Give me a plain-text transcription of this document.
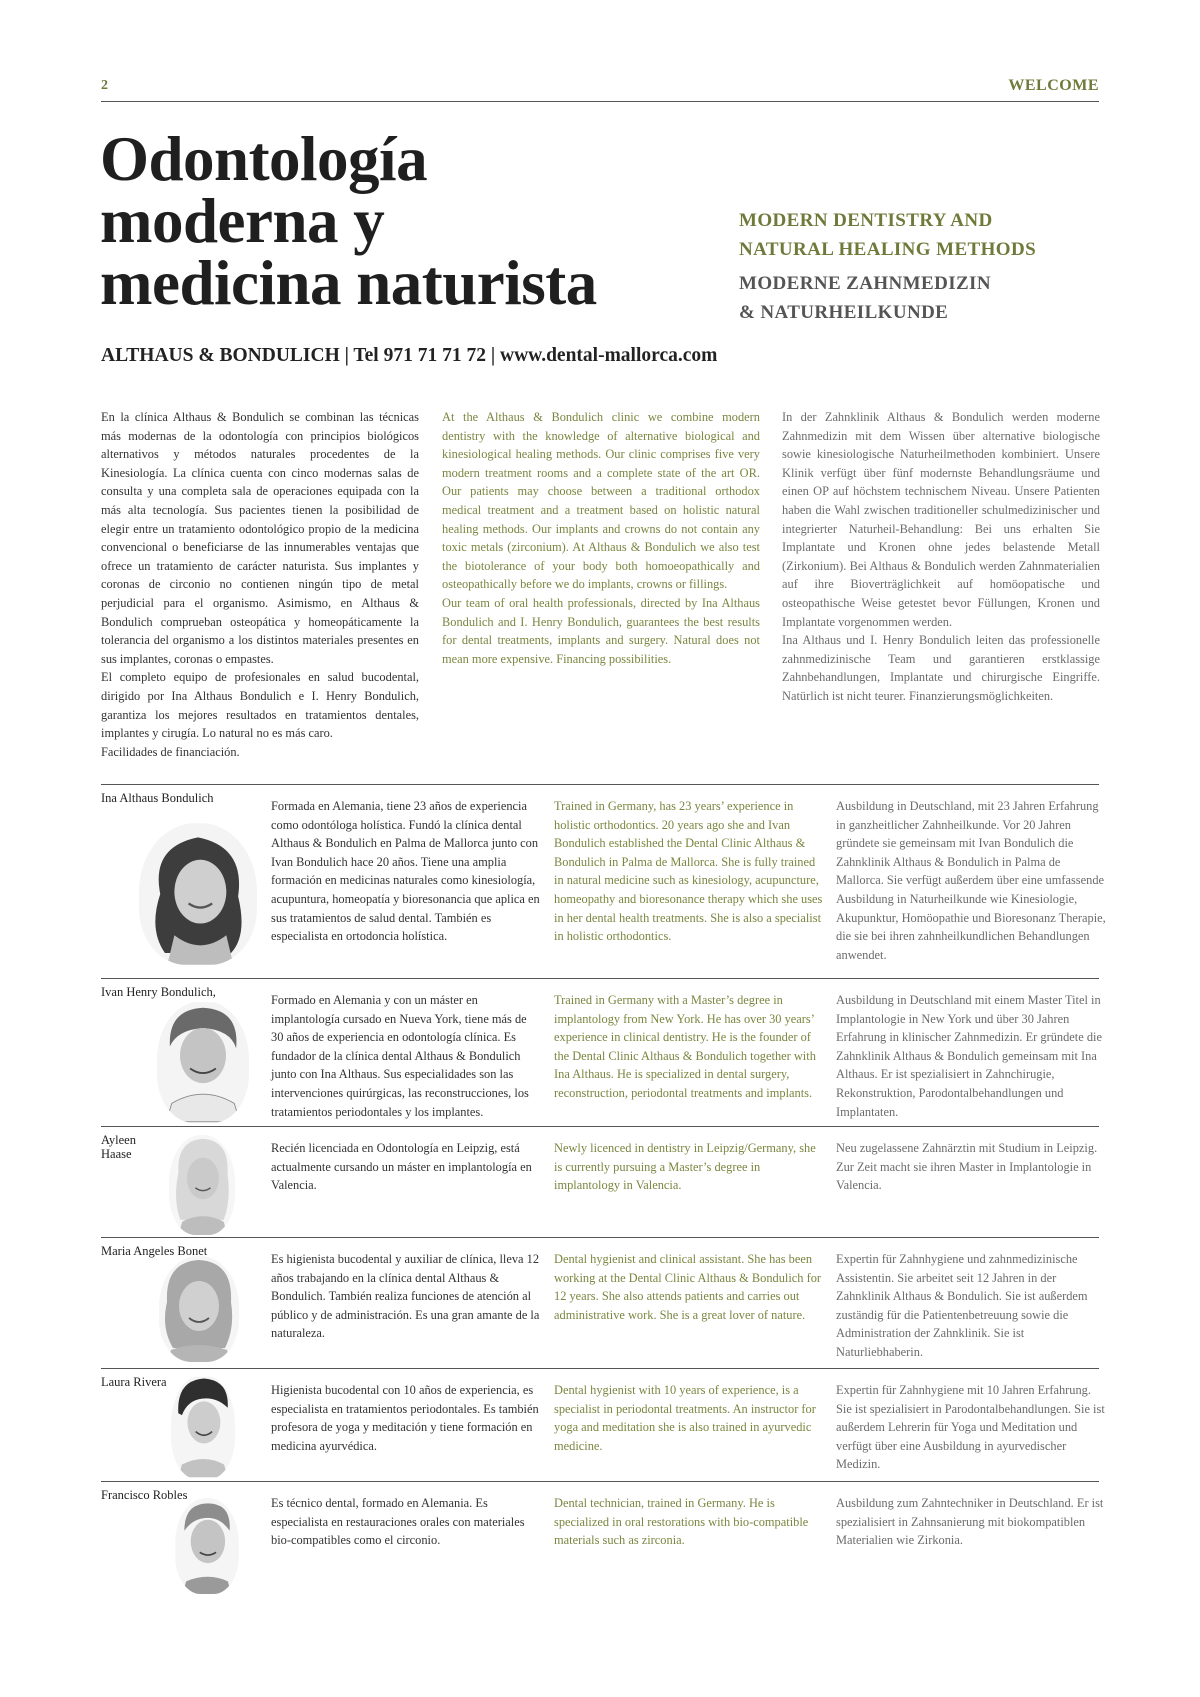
2	WELCOME
Odontología
moderna y
medicina naturista
MODERN DENTISTRY AND
NATURAL HEALING METHODS
MODERNE ZAHNMEDIZIN
& NATURHEILKUNDE
ALTHAUS & BONDULICH | Tel 971 71 71 72 | www.dental-mallorca.com

En la clínica Althaus & Bondulich se combinan las técnicas más modernas de la odontología con principios biológicos alternativos y métodos naturales procedentes de la Kinesiología. La clínica cuenta con cinco modernas salas de consulta y una completa sala de operaciones equipada con la más alta tecnología. Sus pacientes tienen la posibilidad de elegir entre un tratamiento odontológico propio de la medicina convencional o beneficiarse de las innumerables ventajas que ofrece un tratamiento de carácter naturista. Sus implantes y coronas de circonio no contienen ningún tipo de metal perjudicial para el organismo. Asimismo, en Althaus & Bondulich comprueban osteopática y homeopáticamente la tolerancia del organismo a los distintos materiales presentes en sus implantes, coronas o empastes.

El completo equipo de profesionales en salud bucodental, dirigido por Ina Althaus Bondulich e I. Henry Bondulich, garantiza los mejores resultados en tratamientos dentales, implantes y cirugía. Lo natural no es más caro.

Facilidades de financiación.

At the Althaus & Bondulich clinic we combine modern dentistry with the knowledge of alternative biological and kinesiological healing methods. Our clinic comprises five very modern treatment rooms and a complete state of the art OR. Our patients may choose between a traditional orthodox medical treatment and a treatment based on holistic natural healing methods. Our implants and crowns do not contain any toxic metals (zirconium). At Althaus & Bondulich we also test the biotolerance of your body both homoeopathically and osteopathically before we do implants, crowns or fillings.

Our team of oral health professionals, directed by Ina Althaus Bondulich and I. Henry Bondulich, guarantees the best results for dental treatments, implants and surgery. Natural does not mean more expensive. Financing possibilities.

In der Zahnklinik Althaus & Bondulich werden moderne Zahnmedizin mit dem Wissen über alternative biologische sowie kinesiologische Naturheilmethoden kombiniert. Unsere Klinik verfügt über fünf modernste Behandlungsräume und einen OP auf höchstem technischem Niveau. Unsere Patienten haben die Wahl zwischen traditioneller schulmedizinischer und integrierter Naturheil-Behandlung: Bei uns erhalten Sie Implantate und Kronen ohne jedes belastende Metall (Zirkonium). Bei Althaus & Bondulich werden Zahnmaterialien auf ihre Bioverträglichkeit auf homöopatische und osteopathische Weise getestet bevor Füllungen, Kronen und Implantate vorgenommen werden.

Ina Althaus und I. Henry Bondulich leiten das professionelle zahnmedizinische Team und garantieren erstklassige Zahnbehandlungen, Implantate und chirurgische Eingriffe. Natürlich ist nicht teurer. Finanzierungsmöglichkeiten.

Ina Althaus Bondulich
Formada en Alemania, tiene 23 años de experiencia como odontóloga holística. Fundó la clínica dental Althaus & Bondulich en Palma de Mallorca junto con Ivan Bondulich hace 20 años. Tiene una amplia formación en medicinas naturales como kinesiología, acupuntura, homeopatía y bioresonancia que aplica en sus tratamientos de salud dental. También es especialista en ortodoncia holística.
Trained in Germany, has 23 years’ experience in holistic orthodontics. 20 years ago she and Ivan Bondulich established the Dental Clinic Althaus & Bondulich in Palma de Mallorca. She is fully trained in natural medicine such as kinesiology, acupuncture, homeopathy and bioresonance therapy which she uses in her dental health treatments. She is also a specialist in holistic orthodontics.
Ausbildung in Deutschland, mit 23 Jahren Erfahrung in ganzheitlicher Zahnheilkunde. Vor 20 Jahren gründete sie gemeinsam mit Ivan Bondulich die Zahnklinik Althaus & Bondulich in Palma de Mallorca. Sie verfügt außerdem über eine umfassende Ausbildung in Naturheilkunde wie Kinesiologie, Akupunktur, Homöopathie und Bioresonanz Therapie, die sie bei ihren zahnheilkundlichen Behandlungen anwendet.
Ivan Henry Bondulich,
Formado en Alemania y con un máster en implantología cursado en Nueva York, tiene más de 30 años de experiencia en odontología clínica. Es fundador de la clínica dental Althaus & Bondulich junto con Ina Althaus. Sus especialidades son las intervenciones quirúrgicas, las reconstrucciones, los tratamientos periodontales y los implantes.
Trained in Germany with a Master’s degree in implantology from New York. He has over 30 years’ experience in clinical dentistry. He is the founder of the Dental Clinic Althaus & Bondulich together with Ina Althaus. He is specialized in dental surgery, reconstruction, periodontal treatments and implants.
Ausbildung in Deutschland mit einem Master Titel in Implantologie in New York und über 30 Jahren Erfahrung in klinischer Zahnmedizin. Er gründete die Zahnklinik Althaus & Bondulich gemeinsam mit Ina Althaus. Er ist spezialisiert in Zahnchirugie, Rekonstruktion, Parodontalbehandlungen und Implantaten.
Ayleen Haase	Recién licenciada en Odontología en Leipzig, está actualmente cursando un máster en implantología en Valencia.
Newly licenced in dentistry in Leipzig/Germany, she is currently pursuing a Master’s degree in implantology in Valencia.
Neu zugelassene Zahnärztin mit Studium in Leipzig. Zur Zeit macht sie ihren Master in Implantologie in Valencia.
Maria Angeles Bonet
Es higienista bucodental y auxiliar de clínica, lleva 12 años trabajando en la clínica dental Althaus & Bondulich. También realiza funciones de atención al público y de administración. Es una gran amante de la naturaleza.
Dental hygienist and clinical assistant. She has been working at the Dental Clinic Althaus & Bondulich for 12 years. She also attends patients and carries out administrative work. She is a great lover of nature.
Expertin für Zahnhygiene und zahnmedizinische Assistentin. Sie arbeitet seit 12 Jahren in der Zahnklinik Althaus & Bondulich. Sie ist außerdem zuständig für die Patientenbetreuung sowie die Administration der Zahnklinik. Sie ist Naturliebhaberin.
Laura Rivera
Higienista bucodental con 10 años de experiencia, es especialista en tratamientos periodontales. Es también profesora de yoga y meditación y tiene formación en medicina ayurvédica.
Dental hygienist with 10 years of experience, is a specialist in periodontal treatments. An instructor for yoga and meditation she is also trained in ayurvedic medicine.
Expertin für Zahnhygiene mit 10 Jahren Erfahrung. Sie ist spezialisiert in Parodontalbehandlungen. Sie ist außerdem Lehrerin für Yoga und Meditation und verfügt über eine Ausbildung in ayurvedischer Medizin.
Francisco Robles
Es técnico dental, formado en Alemania. Es especialista en restauraciones orales con materiales bio-compatibles como el circonio.
Dental technician, trained in Germany. He is specialized in oral restorations with bio-compatible materials such as zirconia.
Ausbildung zum Zahntechniker in Deutschland. Er ist spezialisiert in Zahnsanierung mit biokompatiblen Materialien wie Zirkonia.
